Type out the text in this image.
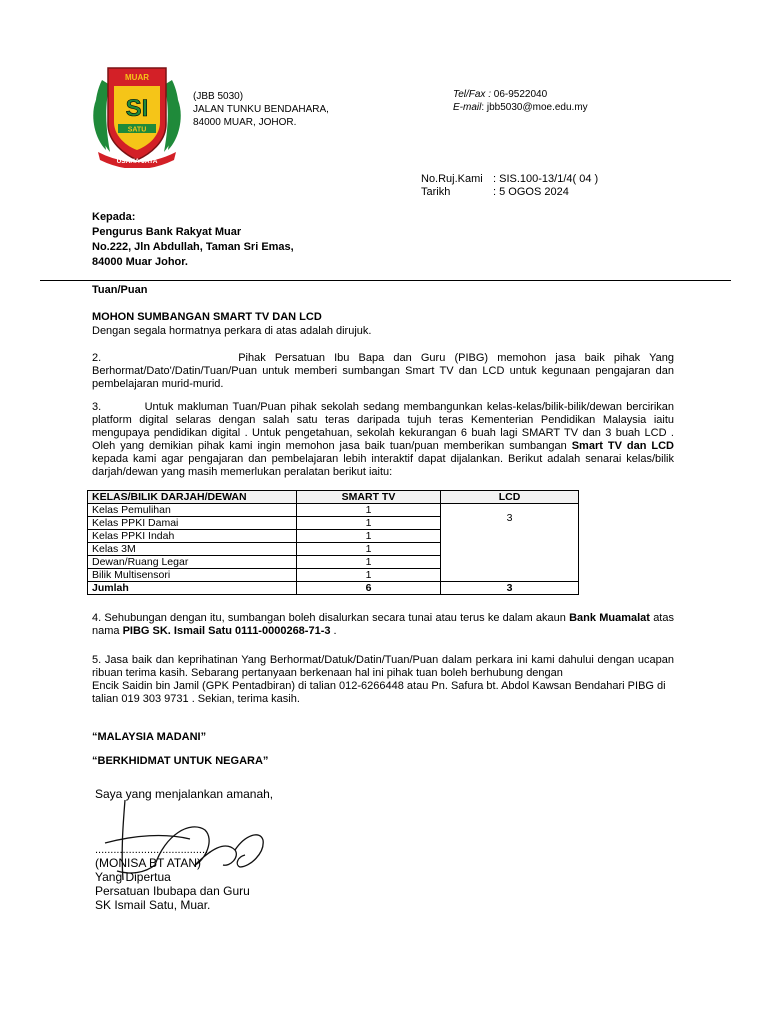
MUAR
SI
SATU
USAHA JAYA
(JBB 5030)
JALAN TUNKU BENDAHARA,
84000 MUAR, JOHOR.
Tel/Fax : 06-9522040
E-mail: jbb5030@moe.edu.my
No.Ruj.Kami : SIS.100-13/1/4( 04 )
Tarikh	: 5 OGOS 2024
Kepada:
Pengurus Bank Rakyat Muar
No.222, Jln Abdullah, Taman Sri Emas,
84000 Muar Johor.
Tuan/Puan
MOHON SUMBANGAN SMART TV DAN LCD
Dengan segala hormatnya perkara di atas adalah dirujuk.
2.               Pihak Persatuan Ibu Bapa dan Guru (PIBG) memohon jasa baik pihak Yang Berhormat/Dato'/Datin/Tuan/Puan untuk memberi sumbangan Smart TV dan LCD untuk kegunaan pengajaran dan pembelajaran murid-murid.
3.          Untuk makluman Tuan/Puan pihak sekolah sedang membangunkan kelas-kelas/bilik-bilik/dewan bercirikan platform digital selaras dengan salah satu teras daripada tujuh teras Kementerian Pendidikan Malaysia iaitu mengupaya pendidikan digital . Untuk pengetahuan, sekolah kekurangan 6 buah lagi SMART TV dan 3 buah LCD . Oleh yang demikian pihak kami ingin memohon jasa baik tuan/puan memberikan sumbangan Smart TV dan LCD kepada kami agar pengajaran dan pembelajaran lebih interaktif dapat dijalankan. Berikut adalah senarai kelas/bilik darjah/dewan yang masih memerlukan peralatan berikut iaitu:
KELAS/BILIK DARJAH/DEWAN	SMART TV	LCD
Kelas Pemulihan	1	3
Kelas PPKI Damai	1	
Kelas PPKI Indah	1	
Kelas 3M	1	
Dewan/Ruang Legar	1	
Bilik Multisensori	1	
Jumlah	6	3
4. Sehubungan dengan itu, sumbangan boleh disalurkan secara tunai atau terus ke dalam akaun Bank Muamalat atas nama PIBG SK. Ismail Satu 0111-0000268-71-3 .
5. Jasa baik dan keprihatinan Yang Berhormat/Datuk/Datin/Tuan/Puan dalam perkara ini kami dahului dengan ucapan ribuan terima kasih. Sebarang pertanyaan berkenaan hal ini pihak tuan boleh berhubung dengan
Encik Saidin bin Jamil (GPK Pentadbiran) di talian 012-6266448 atau Pn. Safura bt. Abdol Kawsan Bendahari PIBG di talian 019 303 9731 . Sekian, terima kasih.
“MALAYSIA MADANI”
“BERKHIDMAT UNTUK NEGARA”
Saya yang menjalankan amanah,
......................................
(MONISA BT ATAN)
Yang Dipertua
Persatuan Ibubapa dan Guru
SK Ismail Satu, Muar.
